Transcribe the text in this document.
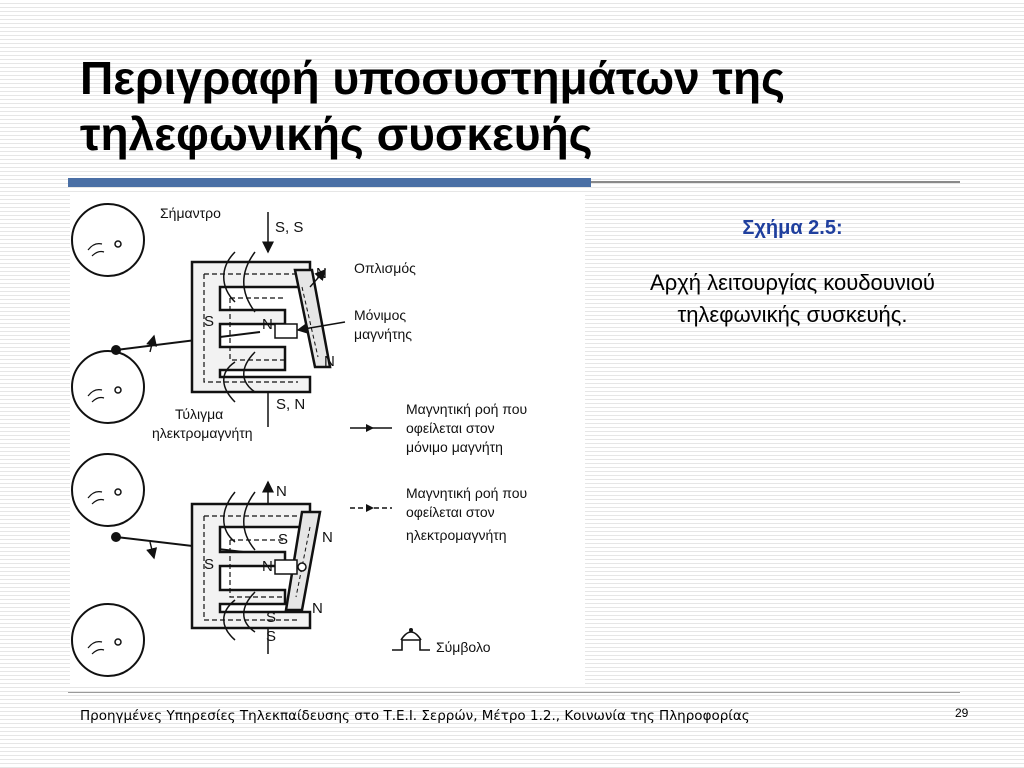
Περιγραφή υποσυστημάτων της τηλεφωνικής συσκευής
Σήμαντρο
S, S
N Οπλισμός
Μόνιμος
μαγνήτης
S	N
N
S, N
Τύλιγμα
ηλεκτρομαγνήτη
Μαγνητική ροή που
οφείλεται στον
μόνιμο μαγνήτη
Μαγνητική ροή που
οφείλεται στον
ηλεκτρομαγνήτη
N
S N
S	N
N
S
S
Σύμβολο
Σχήμα 2.5:
Αρχή λειτουργίας κουδουνιού τηλεφωνικής συσκευής.
Προηγμένες Υπηρεσίες Τηλεκπαίδευσης στο Τ.Ε.Ι. Σερρών, Μέτρο 1.2., Κοινωνία της Πληροφορίας	29
